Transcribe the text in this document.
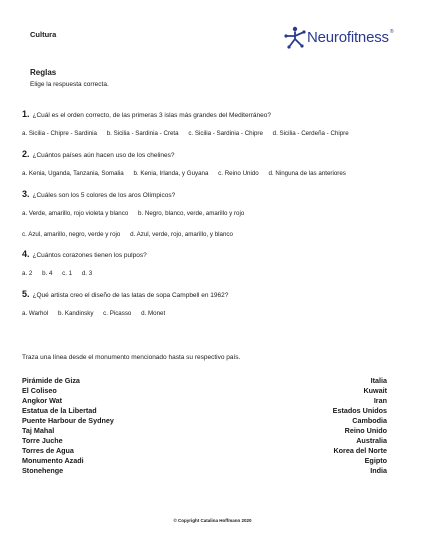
Cultura	Neurofitness®
Reglas
Elige la respuesta correcta.
1. ¿Cuál es el orden correcto, de las primeras 3 islas más grandes del Mediterráneo?
a. Sicilia - Chipre - Sardinia b. Sicilia - Sardinia - Creta c. Sicilia - Sardinia - Chipre d. Sicilia - Cerdeña - Chipre
2. ¿Cuántos países aún hacen uso de los chelines?
a. Kenia, Uganda, Tanzania, Somalia b. Kenia, Irlanda, y Guyana c. Reino Unido d. Ninguna de las anteriores
3. ¿Cuáles son los 5 colores de los aros Olímpicos?
a. Verde, amarillo, rojo violeta y blanco b. Negro, blanco, verde, amarillo y rojo
c. Azul, amarillo, negro, verde y rojo d. Azul, verde, rojo, amarillo, y blanco
4. ¿Cuántos corazones tienen los pulpos?
a. 2 b. 4 c. 1 d. 3
5. ¿Qué artista creo el diseño de las latas de sopa Campbell en 1962?
a. Warhol b. Kandinsky c. Picasso d. Monet
Traza una línea desde el monumento mencionado hasta su respectivo país.
Pirámide de Giza
El Coliseo
Angkor Wat
Estatua de la Libertad
Puente Harbour de Sydney
Taj Mahal
Torre Juche
Torres de Agua
Monumento Azadi
Stonehenge
Italia
Kuwait
Iran
Estados Unidos
Cambodia
Reino Unido
Australia
Korea del Norte
Egipto
India
© Copyright Catalina Hoffmann 2020
